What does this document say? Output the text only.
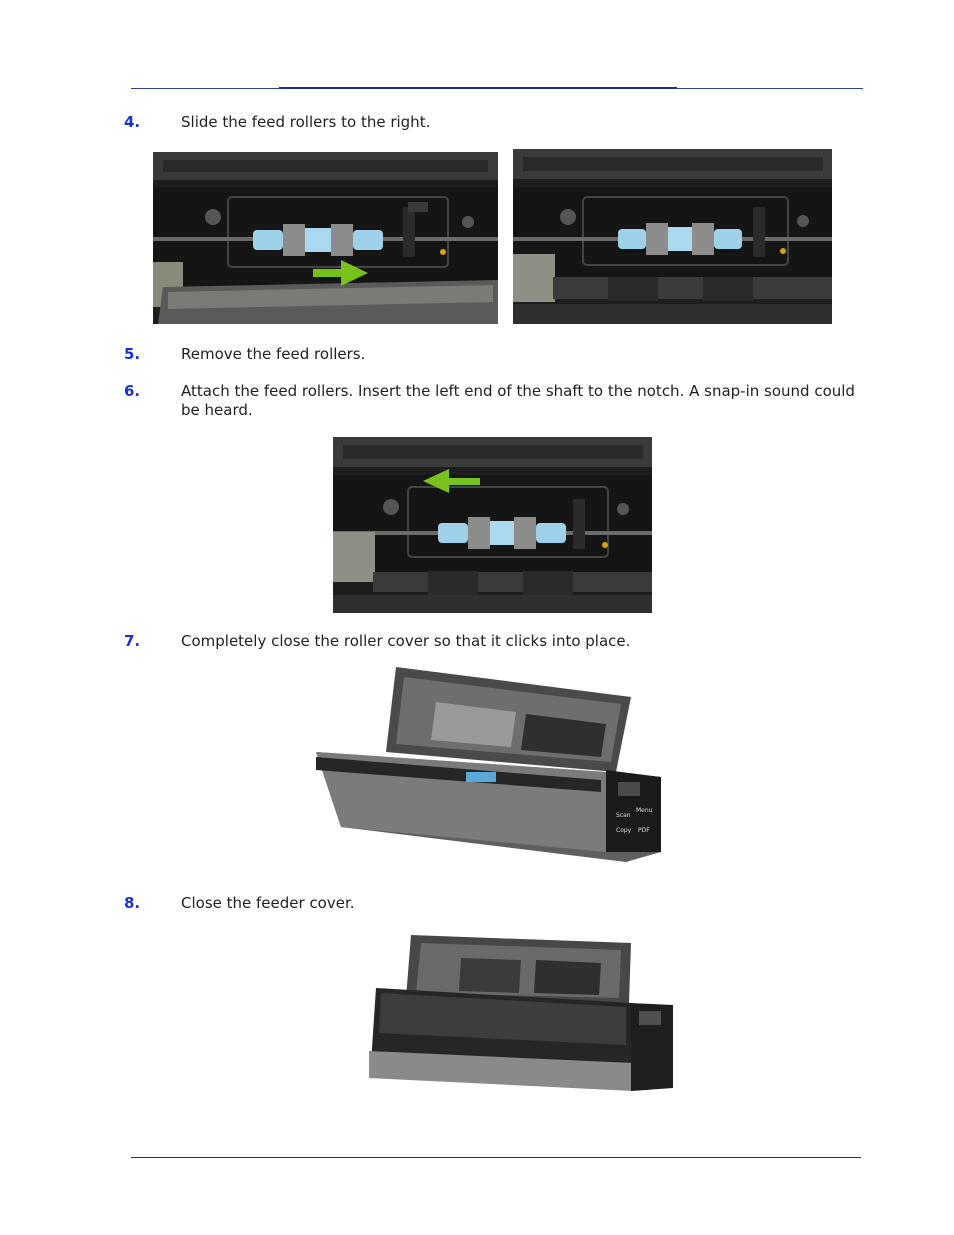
4.	Slide the feed rollers to the right.
5.	Remove the feed rollers.
6.	Attach the feed rollers. Insert the left end of the shaft to the notch. A snap-in sound could be heard.
7.	Completely close the roller cover so that it clicks into place.
Scan
Menu
Copy PDF
8.	Close the feeder cover.
